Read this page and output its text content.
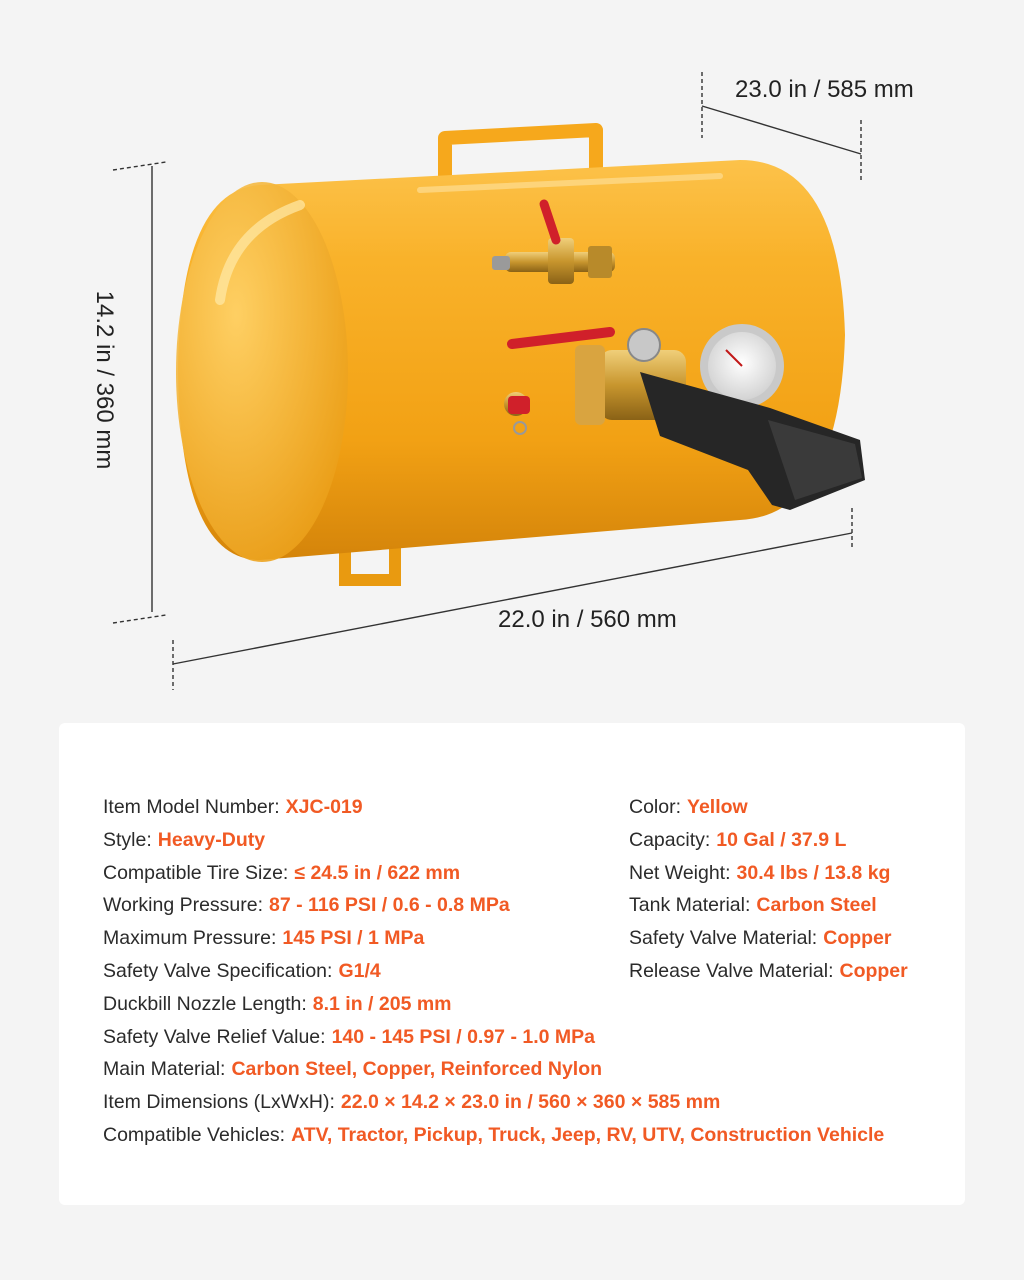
23.0 in / 585 mm
14.2 in / 360 mm
22.0 in / 560 mm
Item Model Number: XJC-019
Style: Heavy-Duty
Compatible Tire Size: ≤ 24.5 in / 622 mm
Working Pressure: 87 - 116 PSI / 0.6 - 0.8 MPa
Maximum Pressure: 145 PSI / 1 MPa
Safety Valve Specification: G1/4
Duckbill Nozzle Length: 8.1 in / 205 mm
Safety Valve Relief Value: 140 - 145 PSI / 0.97 - 1.0 MPa
Main Material: Carbon Steel, Copper, Reinforced Nylon
Item Dimensions (LxWxH): 22.0 × 14.2 × 23.0 in / 560 × 360 × 585 mm
Compatible Vehicles: ATV, Tractor, Pickup, Truck, Jeep, RV, UTV, Construction Vehicle
Color: Yellow
Capacity: 10 Gal / 37.9 L
Net Weight: 30.4 lbs / 13.8 kg
Tank Material: Carbon Steel
Safety Valve Material: Copper
Release Valve Material: Copper
